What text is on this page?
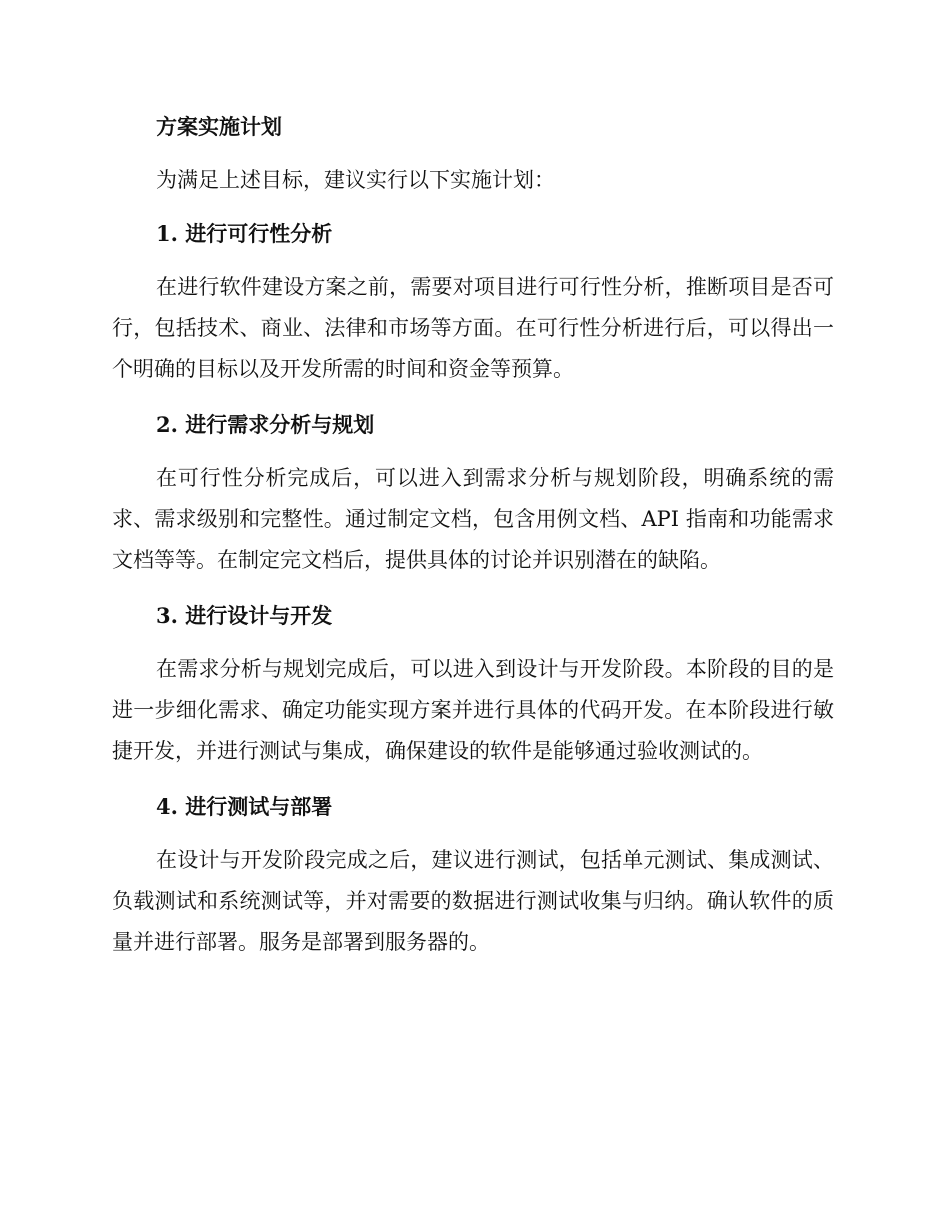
方案实施计划

为满足上述目标，建议实行以下实施计划：

1. 进行可行性分析

在进行软件建设方案之前，需要对项目进行可行性分析，推断项目是否可行，包括技术、商业、法律和市场等方面。在可行性分析进行后，可以得出一个明确的目标以及开发所需的时间和资金等预算。

2. 进行需求分析与规划

在可行性分析完成后，可以进入到需求分析与规划阶段，明确系统的需求、需求级别和完整性。通过制定文档，包含用例文档、API 指南和功能需求文档等等。在制定完文档后，提供具体的讨论并识别潜在的缺陷。

3. 进行设计与开发

在需求分析与规划完成后，可以进入到设计与开发阶段。本阶段的目的是进一步细化需求、确定功能实现方案并进行具体的代码开发。在本阶段进行敏捷开发，并进行测试与集成，确保建设的软件是能够通过验收测试的。

4. 进行测试与部署

在设计与开发阶段完成之后，建议进行测试，包括单元测试、集成测试、负载测试和系统测试等，并对需要的数据进行测试收集与归纳。确认软件的质量并进行部署。服务是部署到服务器的。
